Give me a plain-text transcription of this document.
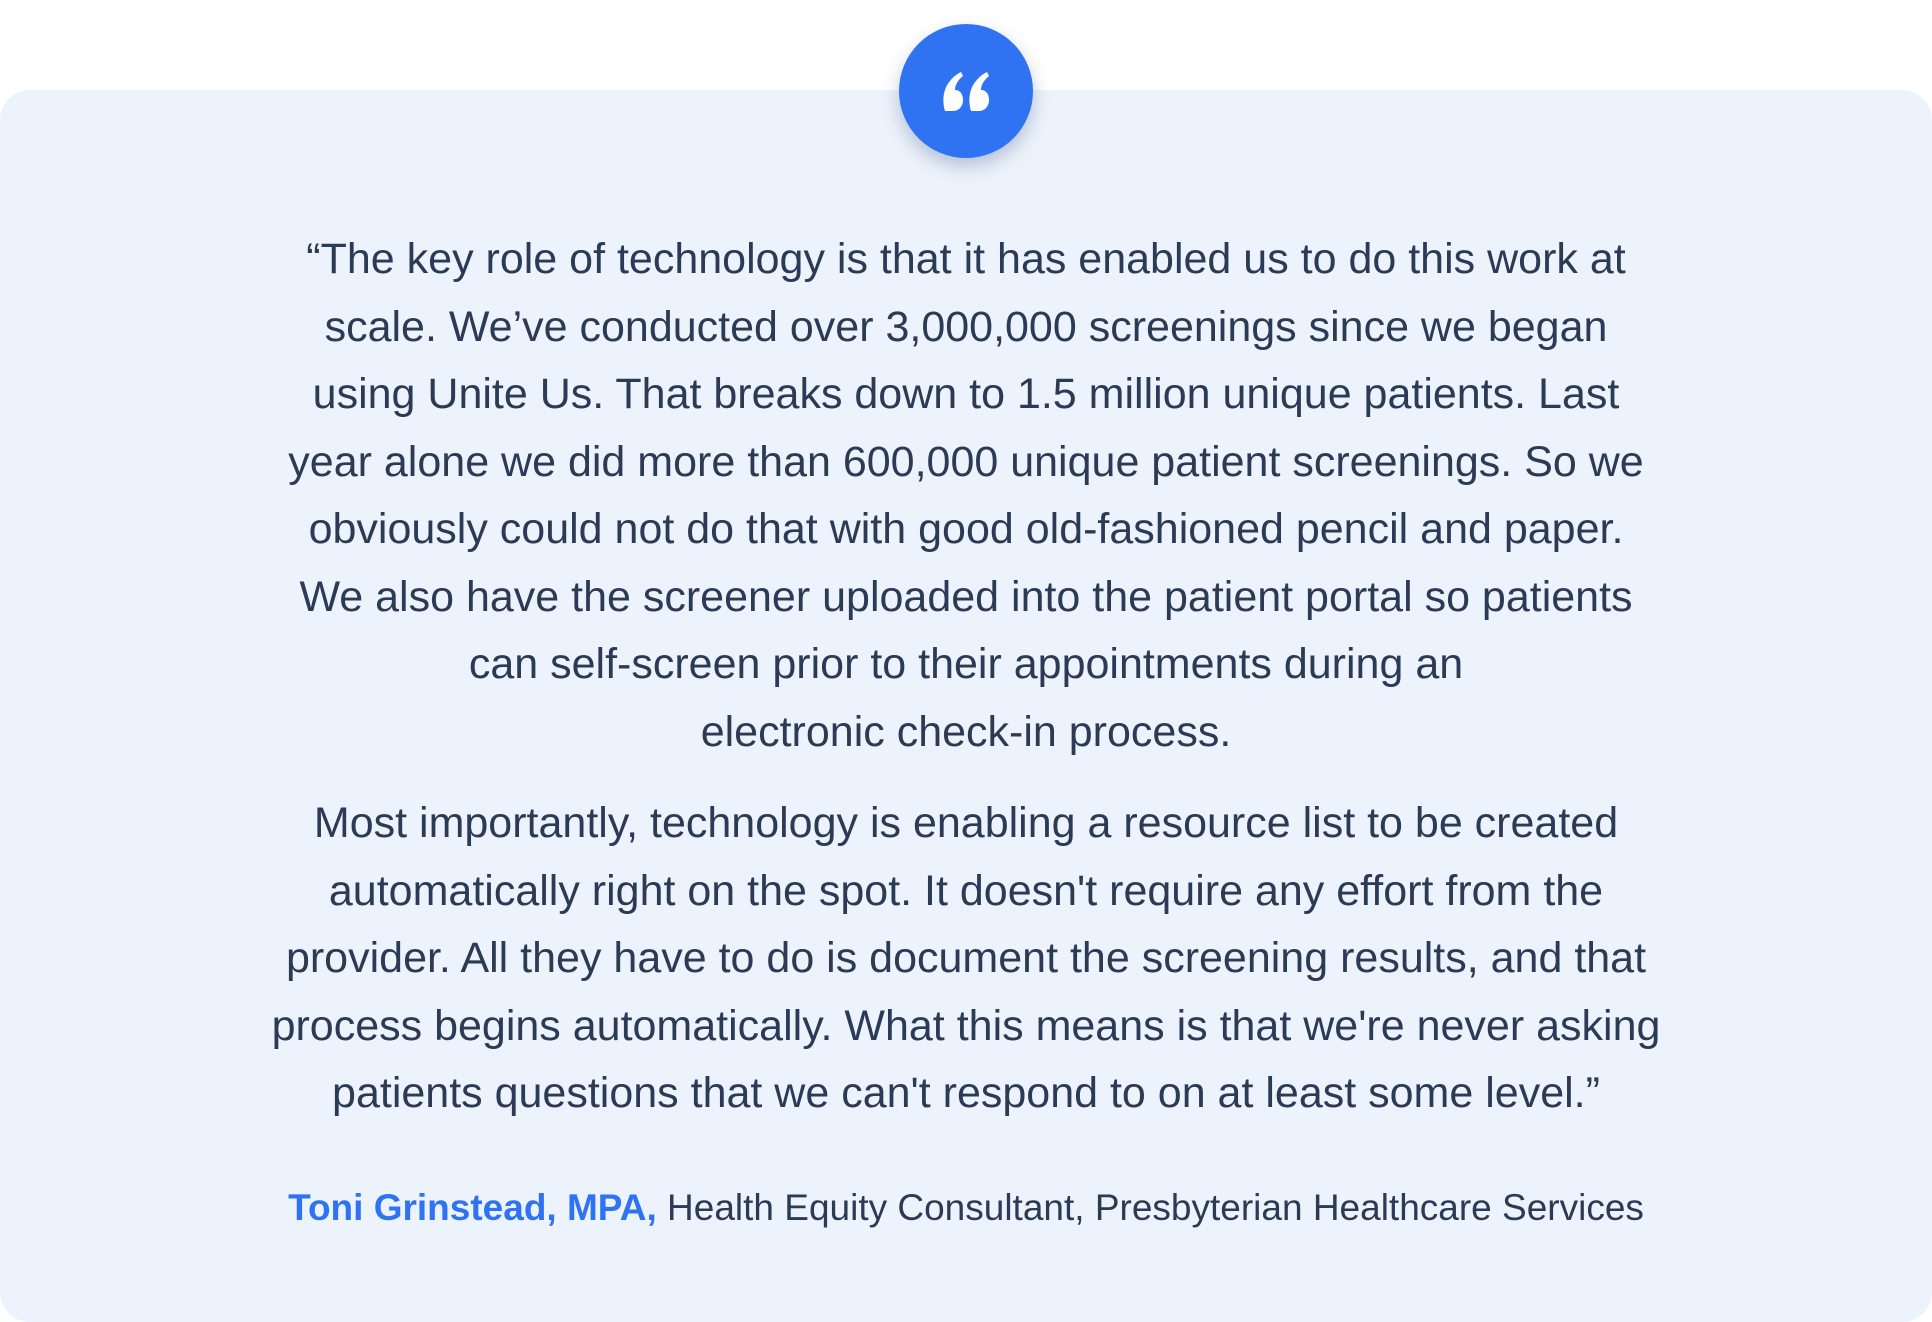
“The key role of technology is that it has enabled us to do this work at
scale. We’ve conducted over 3,000,000 screenings since we began
using Unite Us. That breaks down to 1.5 million unique patients. Last
year alone we did more than 600,000 unique patient screenings. So we
obviously could not do that with good old-fashioned pencil and paper.
We also have the screener uploaded into the patient portal so patients
can self-screen prior to their appointments during an
electronic check-in process.

Most importantly, technology is enabling a resource list to be created
automatically right on the spot. It doesn't require any effort from the
provider. All they have to do is document the screening results, and that
process begins automatically. What this means is that we're never asking
patients questions that we can't respond to on at least some level.”

Toni Grinstead, MPA, Health Equity Consultant, Presbyterian Healthcare Services
